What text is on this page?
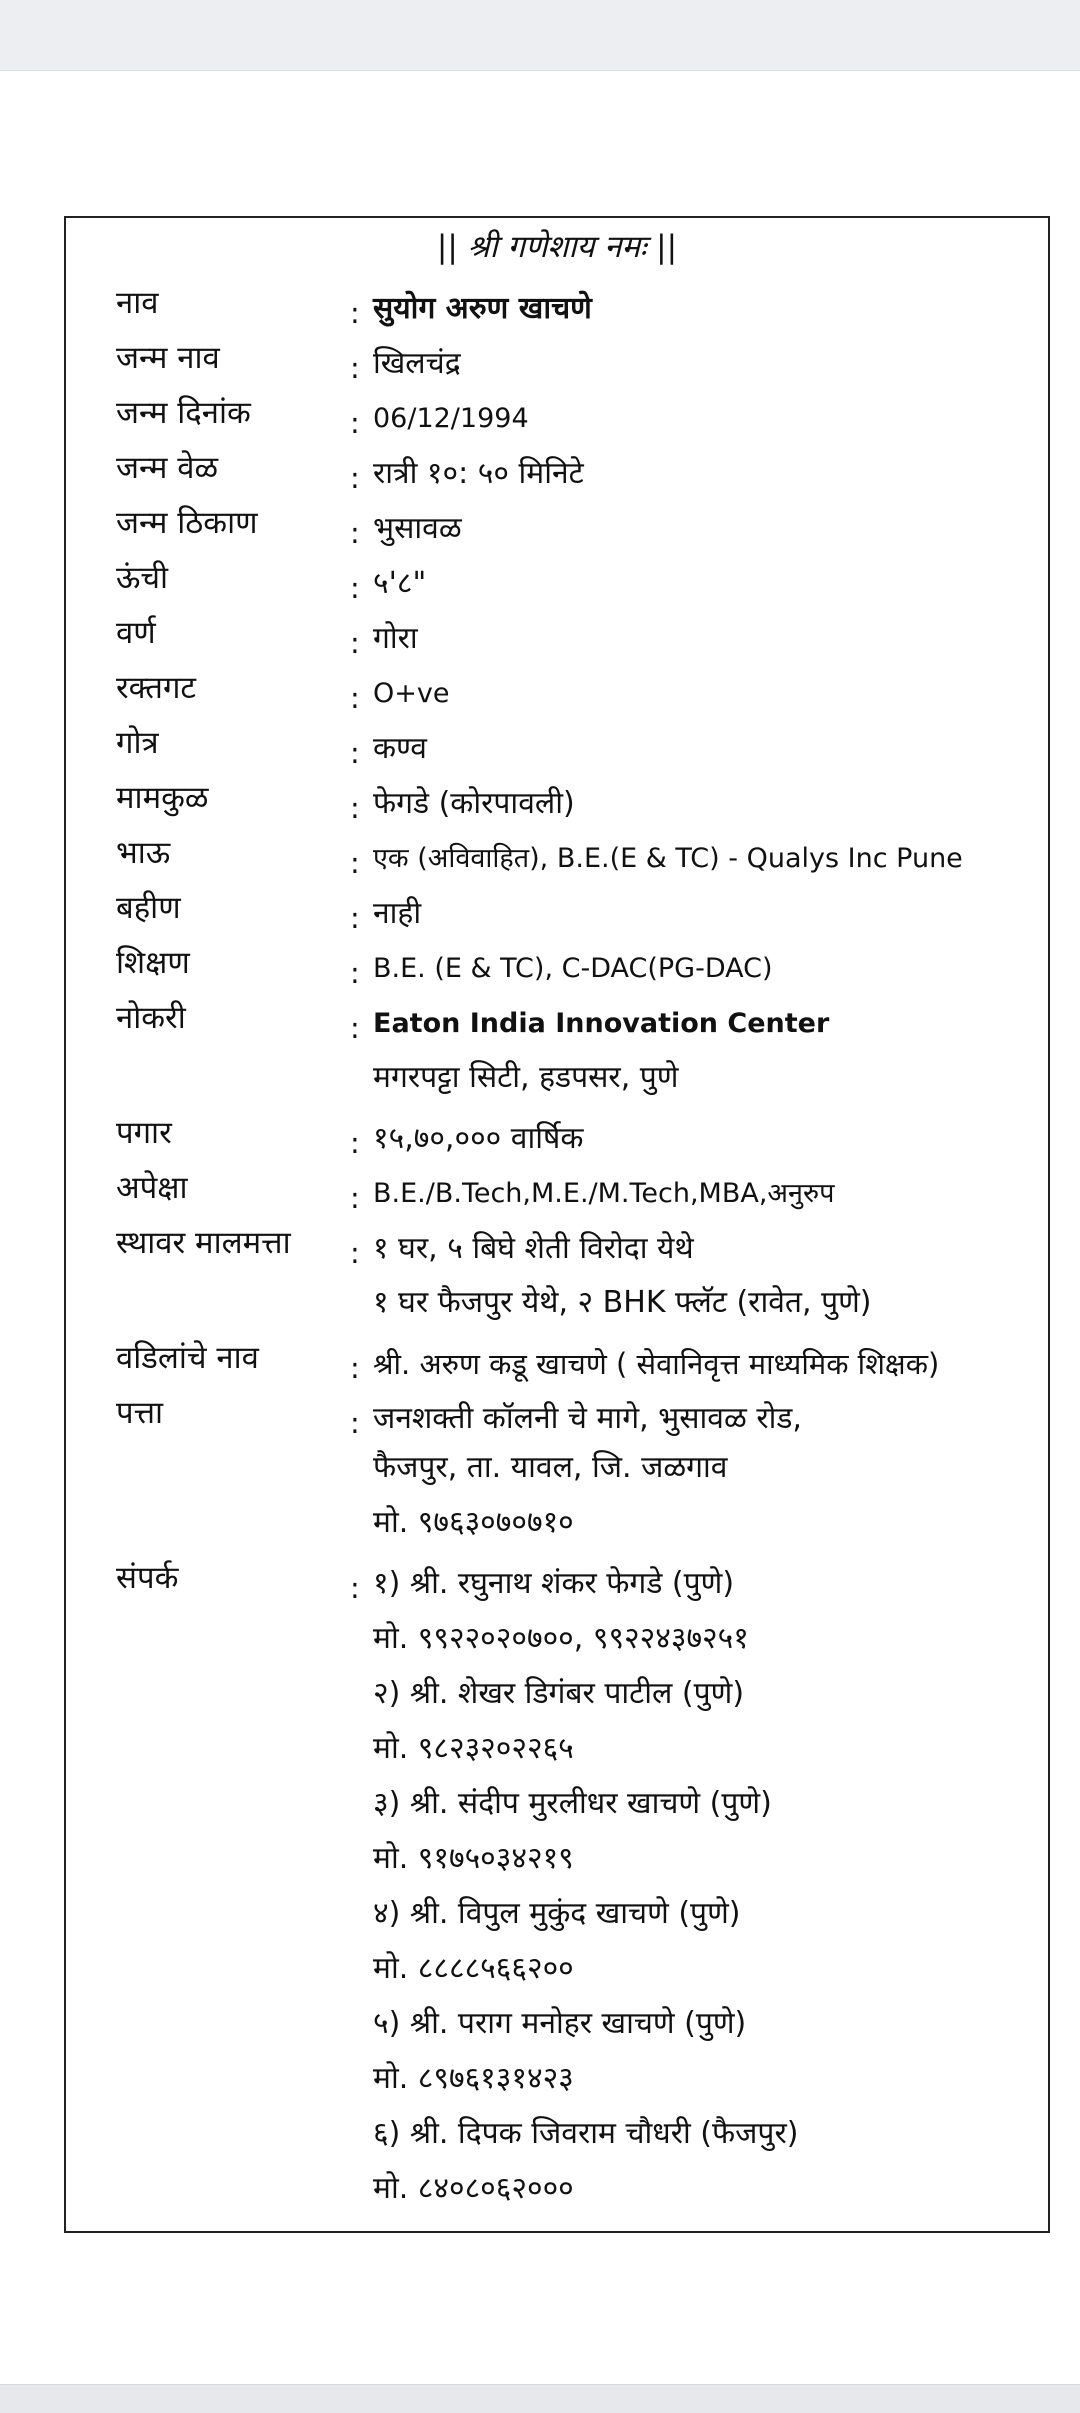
|| श्री गणेशाय नमः ||
नाव	: सुयोग अरुण खाचणे
जन्म नाव	: खिलचंद्र
जन्म दिनांक	: 06/12/1994
जन्म वेळ	: रात्री १०: ५० मिनिटे
जन्म ठिकाण	: भुसावळ
ऊंची	: ५'८"
वर्ण	: गोरा
रक्तगट	: O+ve
गोत्र	: कण्व
मामकुळ	: फेगडे (कोरपावली)
भाऊ	: एक (अविवाहित), B.E.(E & TC) - Qualys Inc Pune
बहीण	: नाही
शिक्षण	: B.E. (E & TC), C-DAC(PG-DAC)
नोकरी	: Eaton India Innovation Center
मगरपट्टा सिटी, हडपसर, पुणे
पगार	: १५,७०,००० वार्षिक
अपेक्षा	: B.E./B.Tech,M.E./M.Tech,MBA,अनुरुप
स्थावर मालमत्ता : १ घर, ५ बिघे शेती विरोदा येथे
१ घर फैजपुर येथे, २ BHK फ्लॅट (रावेत, पुणे)
वडिलांचे नाव	: श्री. अरुण कडू खाचणे ( सेवानिवृत्त माध्यमिक शिक्षक)
पत्ता	: जनशक्ती कॉलनी चे मागे, भुसावळ रोड,
फैजपुर, ता. यावल, जि. जळगाव
मो. ९७६३०७०७१०
संपर्क	: १) श्री. रघुनाथ शंकर फेगडे (पुणे)
मो. ९९२२०२०७००, ९९२२४३७२५१
२) श्री. शेखर डिगंबर पाटील (पुणे)
मो. ९८२३२०२२६५
३) श्री. संदीप मुरलीधर खाचणे (पुणे)
मो. ९१७५०३४२१९
४) श्री. विपुल मुकुंद खाचणे (पुणे)
मो. ८८८८५६६२००
५) श्री. पराग मनोहर खाचणे (पुणे)
मो. ८९७६१३१४२३
६) श्री. दिपक जिवराम चौधरी (फैजपुर)
मो. ८४०८०६२०००
